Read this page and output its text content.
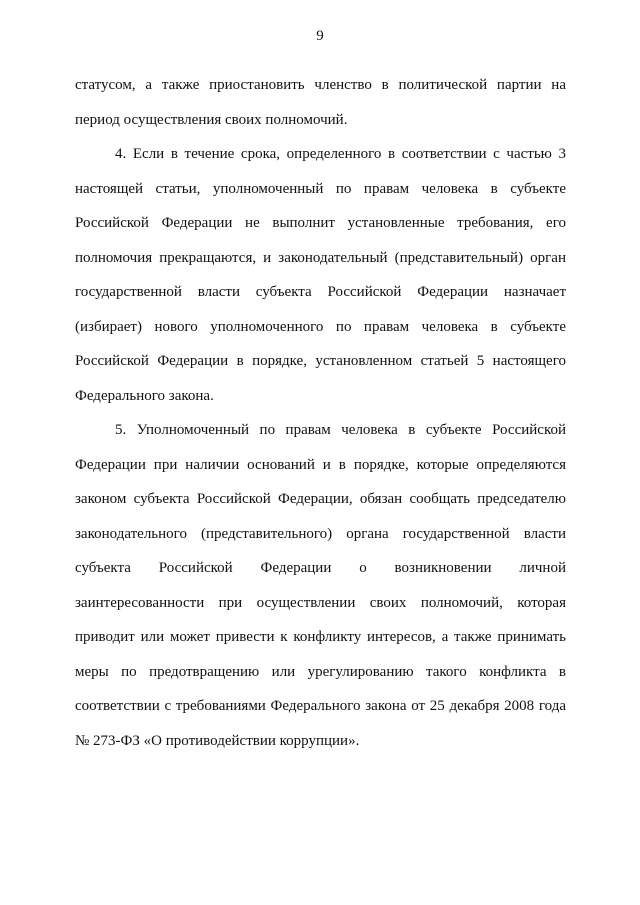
9
статусом, а также приостановить членство в политической партии на
период осуществления своих полномочий.
4. Если в течение срока, определенного в соответствии с частью 3
настоящей статьи, уполномоченный по правам человека в субъекте
Российской Федерации не выполнит установленные требования, его
полномочия прекращаются, и законодательный (представительный) орган
государственной власти субъекта Российской Федерации назначает
(избирает) нового уполномоченного по правам человека в субъекте
Российской Федерации в порядке, установленном статьей 5 настоящего
Федерального закона.
5. Уполномоченный по правам человека в субъекте Российской
Федерации при наличии оснований и в порядке, которые определяются
законом субъекта Российской Федерации, обязан сообщать председателю
законодательного (представительного) органа государственной власти
субъекта Российской Федерации о возникновении личной
заинтересованности при осуществлении своих полномочий, которая
приводит или может привести к конфликту интересов, а также принимать
меры по предотвращению или урегулированию такого конфликта в
соответствии с требованиями Федерального закона от 25 декабря 2008 года
№ 273-ФЗ «О противодействии коррупции».
